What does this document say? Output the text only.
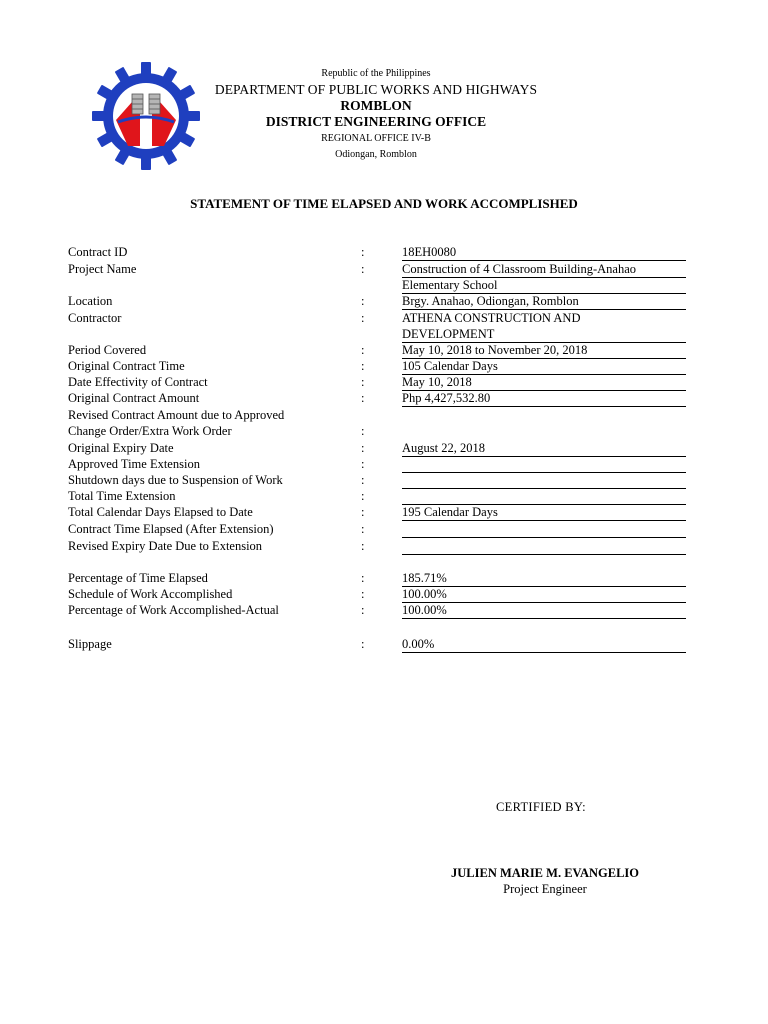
Republic of the Philippines
DEPARTMENT OF PUBLIC WORKS AND HIGHWAYS
ROMBLON
DISTRICT ENGINEERING OFFICE
REGIONAL OFFICE IV-B
Odiongan, Romblon
STATEMENT OF TIME ELAPSED AND WORK ACCOMPLISHED
Contract ID	:	18EH0080
Project Name	:	Construction of 4 Classroom Building-Anahao
Elementary School
Location	:	Brgy. Anahao, Odiongan, Romblon
Contractor	:	ATHENA CONSTRUCTION AND
DEVELOPMENT
Period Covered	:	May 10, 2018 to November 20, 2018
Original Contract Time	:	105 Calendar Days
Date Effectivity of Contract	:	May 10, 2018
Original Contract Amount	:	Php 4,427,532.80
Revised Contract Amount due to Approved
Change Order/Extra Work Order	:
Original Expiry Date	:	August 22, 2018
Approved Time Extension	:
Shutdown days due to Suspension of Work	:
Total Time Extension	:
Total Calendar Days Elapsed to Date	:	195 Calendar Days
Contract Time Elapsed (After Extension)	:
Revised Expiry Date Due to Extension	:
Percentage of Time Elapsed	:	185.71%
Schedule of Work Accomplished	:	100.00%
Percentage of Work Accomplished-Actual	:	100.00%
Slippage	:	0.00%
CERTIFIED BY:
JULIEN MARIE M. EVANGELIO
Project Engineer
